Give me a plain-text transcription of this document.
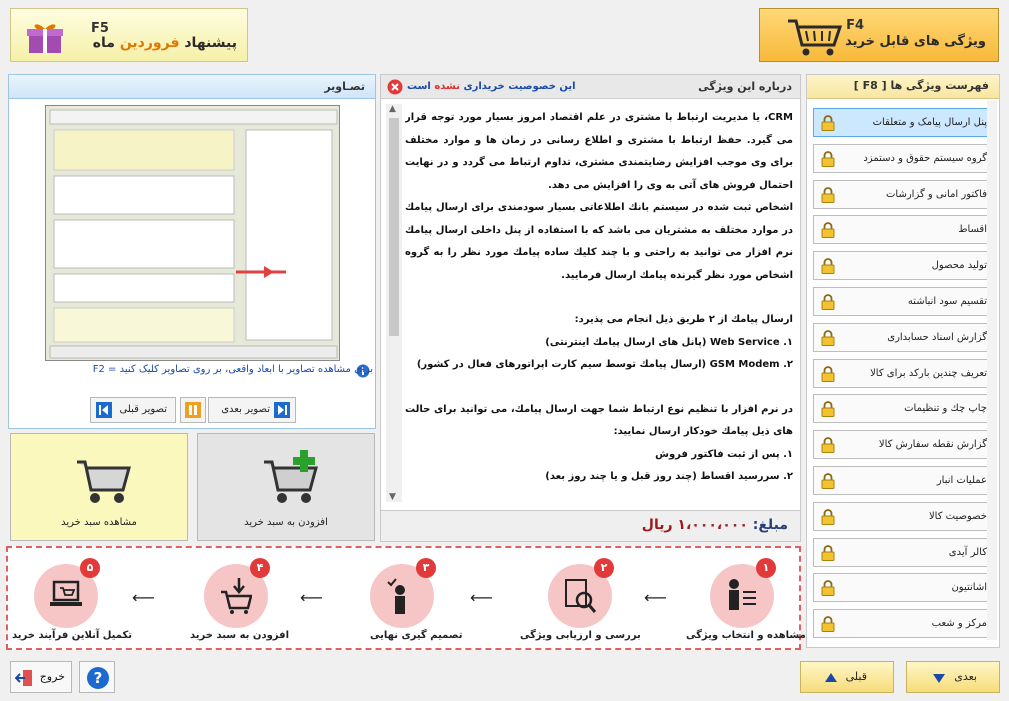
F4
ویژگی های قابل خرید
F5
پیشنهاد فروردین ماه
فهرست ویژگی ها [ F8 ]
پنل ارسال پیامک و متعلقات
گروه سیستم حقوق و دستمزد
فاکتور امانی و گزارشات
اقساط
تولید محصول
تقسیم سود انباشته
گزارش اسناد حسابداری
تعریف چندین بارکد برای کالا
چاپ چك و تنظیمات
گزارش نقطه سفارش کالا
عملیات انبار
خصوصیت کالا
کالر آیدی
اشانتیون
مرکز و شعب
درباره این ویژگی
این خصوصیت خریداری نشده است

CRM، یا مدیریت ارتباط با مشتری در علم اقتصاد امروز بسیار مورد توجه قرار می گیرد. حفظ ارتباط با مشتری و اطلاع رسانی در زمان ها و موارد مختلف برای وی موجب افزایش رضایتمندی مشتری، تداوم ارتباط می گردد و در نهایت احتمال فروش های آتی به وی را افزایش می دهد.

اشخاص ثبت شده در سیستم بانك اطلاعاتی بسیار سودمندی برای ارسال پیامك در موارد مختلف به مشتریان می باشد كه با استفاده از پنل داخلی ارسال پیامك نرم افزار می توانید به راحتی و با چند كلیك ساده پیامك مورد نظر را به گروه اشخاص مورد نظر گیرنده پیامك ارسال فرمایید.

ارسال پیامك از ۲ طریق ذیل انجام می پذیرد:

۱. Web Service (پانل های ارسال پیامك اینترنتی)

۲. GSM Modem (ارسال پیامك توسط سیم كارت اپراتورهای فعال در كشور)

در نرم افزار با تنظیم نوع ارتباط شما جهت ارسال پیامك، می توانید برای حالت های ذیل پیامك خودكار ارسال نمایید:

۱. پس از ثبت فاکتور فروش

۲. سررسید اقساط (چند روز قبل و یا چند روز بعد)

▲
▼
مبلغ: ۱،۰۰۰،۰۰۰ ریال
تصـاویر
برای مشاهده تصاویر با ابعاد واقعی، بر روی تصاویر کلیک کنید = F2
تصویر بعدی
تصویر قبلی
افزودن به سبد خرید
مشاهده سبد خرید
۱
مشاهده و انتخاب ویژگی
⟵
۲
بررسی و ارزیابی ویژگی
⟵
۳
تصمیم گیری نهایی
⟵
۴
افزودن به سبد خرید
⟵
۵
تکمیل آنلاین فرآیند خرید
بعدی
قبلی
خروج ?
